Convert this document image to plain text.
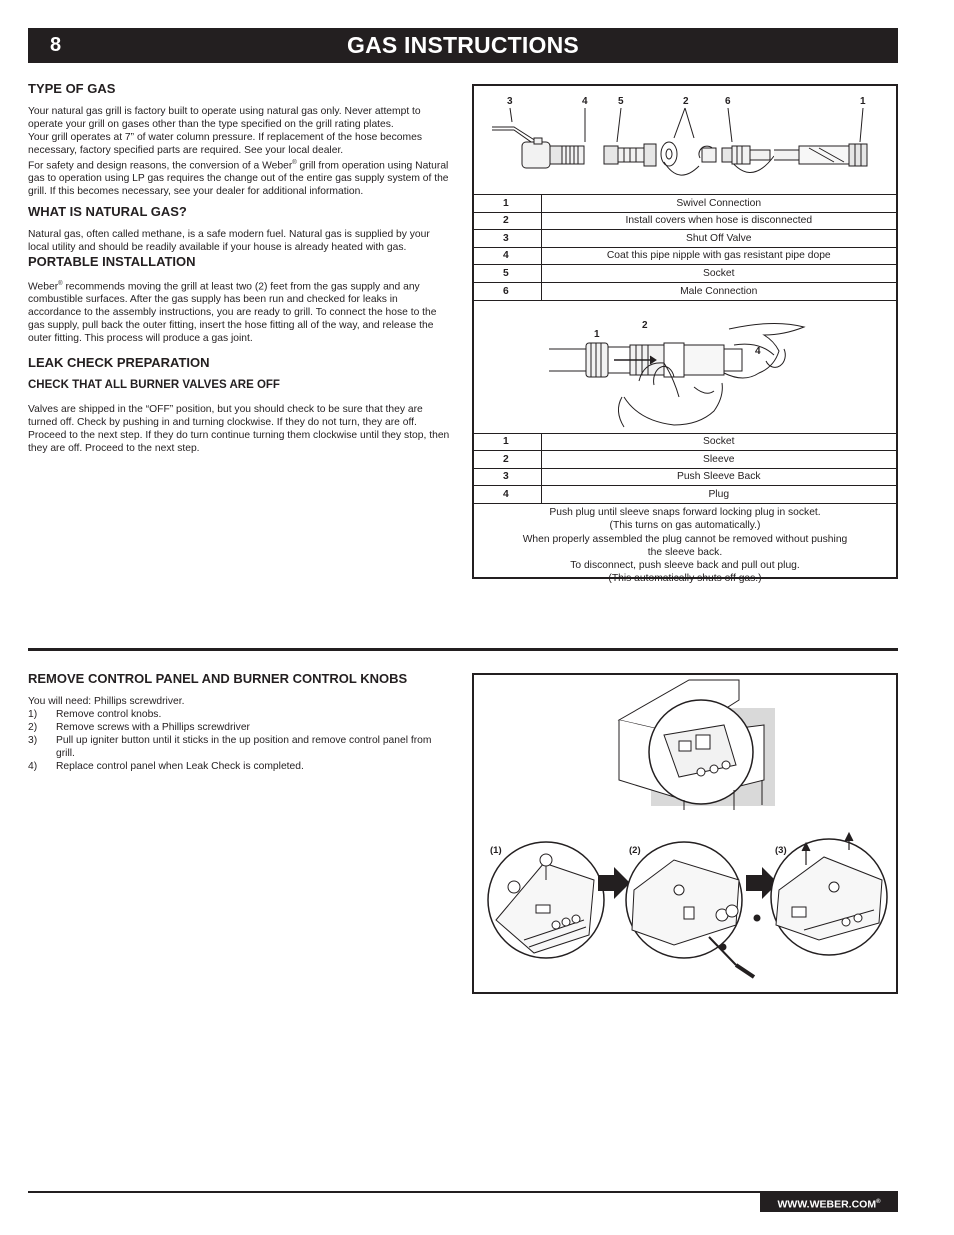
8	GAS INSTRUCTIONS
TYPE OF GAS

Your natural gas grill is factory built to operate using natural gas only. Never attempt to operate your grill on gases other than the type specified on the grill rating plates.

Your grill operates at 7” of water column pressure. If replacement of the hose becomes necessary, factory specified parts are required. See your local dealer.

For safety and design reasons, the conversion of a Weber® grill from operation using Natural gas to operation using LP gas requires the change out of the entire gas supply system of the grill. If this becomes necessary, see your dealer for additional information.

WHAT IS NATURAL GAS?

Natural gas, often called methane, is a safe modern fuel. Natural gas is supplied by your local utility and should be readily available if your house is already heated with gas.

PORTABLE INSTALLATION

Weber® recommends moving the grill at least two (2) feet from the gas supply and any combustible surfaces. After the gas supply has been run and checked for leaks in accordance to the assembly instructions, you are ready to grill. To connect the hose to the gas supply, pull back the outer fitting, insert the hose fitting all of the way, and release the outer fitting. This process will produce a gas joint.

LEAK CHECK PREPARATION
CHECK THAT ALL BURNER VALVES ARE OFF

Valves are shipped in the “OFF” position, but you should check to be sure that they are turned off. Check by pushing in and turning clockwise. If they do not turn, they are off. Proceed to the next step. If they do turn continue turning them clockwise until they stop, then they are off. Proceed to the next step.

3	4	5	2	6	1
1	Swivel Connection
2	Install covers when hose is disconnected
3	Shut Off Valve
4	Coat this pipe nipple with gas resistant pipe dope
5	Socket
6	Male Connection
1
2
4
1	Socket
2	Sleeve
3	Push Sleeve Back
4	Plug
Push plug until sleeve snaps forward locking plug in socket.
(This turns on gas automatically.)
When properly assembled the plug cannot be removed without pushing
the sleeve back.
To disconnect, push sleeve back and pull out plug.
(This automatically shuts off gas.)
REMOVE CONTROL PANEL AND BURNER CONTROL KNOBS

You will need: Phillips screwdriver.

1) Remove control knobs.
2) Remove screws with a Phillips screwdriver
3) Pull up igniter button until it sticks in the up position and remove control panel from grill.
4) Replace control panel when Leak Check is completed.
(1)	(2)	(3)
WWW.WEBER.COM®
